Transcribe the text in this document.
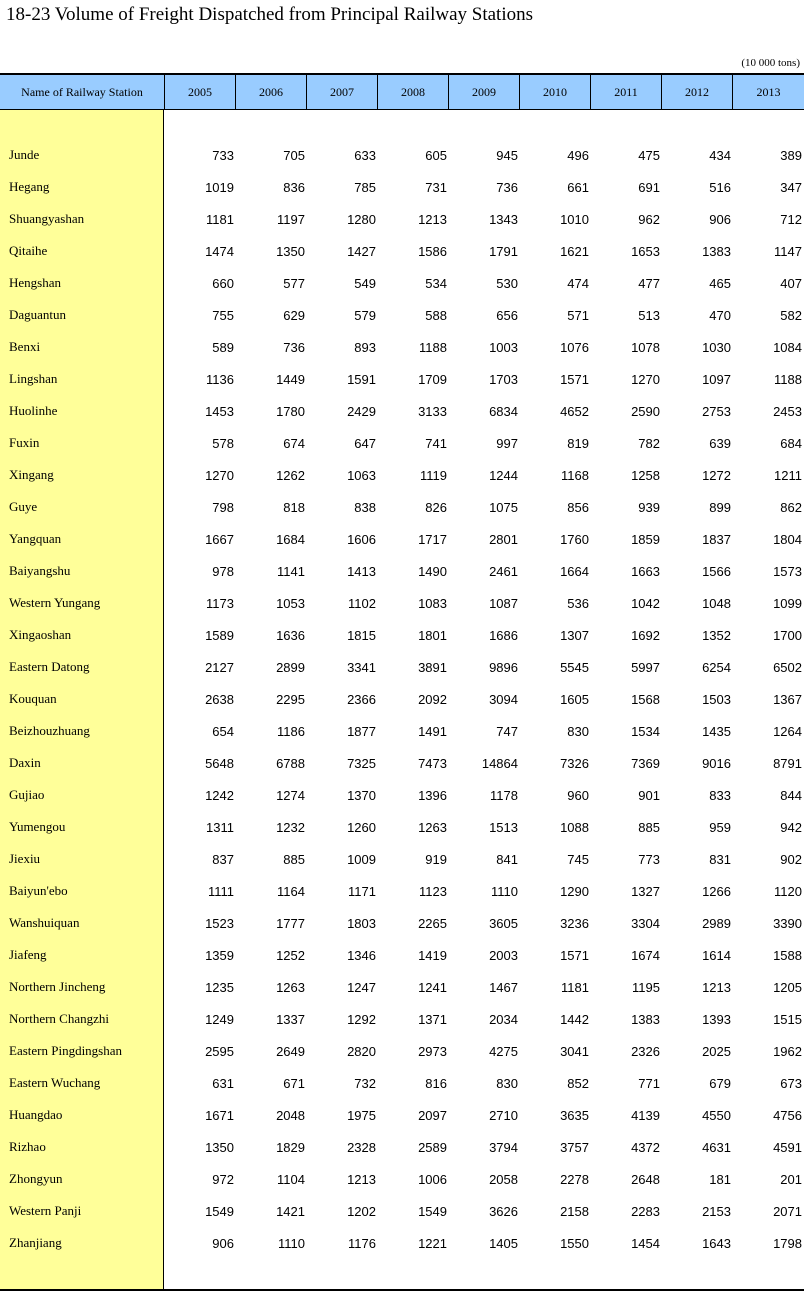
18-23 Volume of Freight Dispatched from Principal Railway Stations
(10 000 tons)
Name of Railway Station	2005	2006	2007	2008	2009	2010	2011	2012	2013
Junde	733	705	633	605	945	496	475	434	389
Hegang	1019	836	785	731	736	661	691	516	347
Shuangyashan	1181	1197	1280	1213	1343	1010	962	906	712
Qitaihe	1474	1350	1427	1586	1791	1621	1653	1383	1147
Hengshan	660	577	549	534	530	474	477	465	407
Daguantun	755	629	579	588	656	571	513	470	582
Benxi	589	736	893	1188	1003	1076	1078	1030	1084
Lingshan	1136	1449	1591	1709	1703	1571	1270	1097	1188
Huolinhe	1453	1780	2429	3133	6834	4652	2590	2753	2453
Fuxin	578	674	647	741	997	819	782	639	684
Xingang	1270	1262	1063	1119	1244	1168	1258	1272	1211
Guye	798	818	838	826	1075	856	939	899	862
Yangquan	1667	1684	1606	1717	2801	1760	1859	1837	1804
Baiyangshu	978	1141	1413	1490	2461	1664	1663	1566	1573
Western Yungang	1173	1053	1102	1083	1087	536	1042	1048	1099
Xingaoshan	1589	1636	1815	1801	1686	1307	1692	1352	1700
Eastern Datong	2127	2899	3341	3891	9896	5545	5997	6254	6502
Kouquan	2638	2295	2366	2092	3094	1605	1568	1503	1367
Beizhouzhuang	654	1186	1877	1491	747	830	1534	1435	1264
Daxin	5648	6788	7325	7473	14864	7326	7369	9016	8791
Gujiao	1242	1274	1370	1396	1178	960	901	833	844
Yumengou	1311	1232	1260	1263	1513	1088	885	959	942
Jiexiu	837	885	1009	919	841	745	773	831	902
Baiyun'ebo	1111	1164	1171	1123	1110	1290	1327	1266	1120
Wanshuiquan	1523	1777	1803	2265	3605	3236	3304	2989	3390
Jiafeng	1359	1252	1346	1419	2003	1571	1674	1614	1588
Northern Jincheng	1235	1263	1247	1241	1467	1181	1195	1213	1205
Northern Changzhi	1249	1337	1292	1371	2034	1442	1383	1393	1515
Eastern Pingdingshan	2595	2649	2820	2973	4275	3041	2326	2025	1962
Eastern Wuchang	631	671	732	816	830	852	771	679	673
Huangdao	1671	2048	1975	2097	2710	3635	4139	4550	4756
Rizhao	1350	1829	2328	2589	3794	3757	4372	4631	4591
Zhongyun	972	1104	1213	1006	2058	2278	2648	181	201
Western Panji	1549	1421	1202	1549	3626	2158	2283	2153	2071
Zhanjiang	906	1110	1176	1221	1405	1550	1454	1643	1798
